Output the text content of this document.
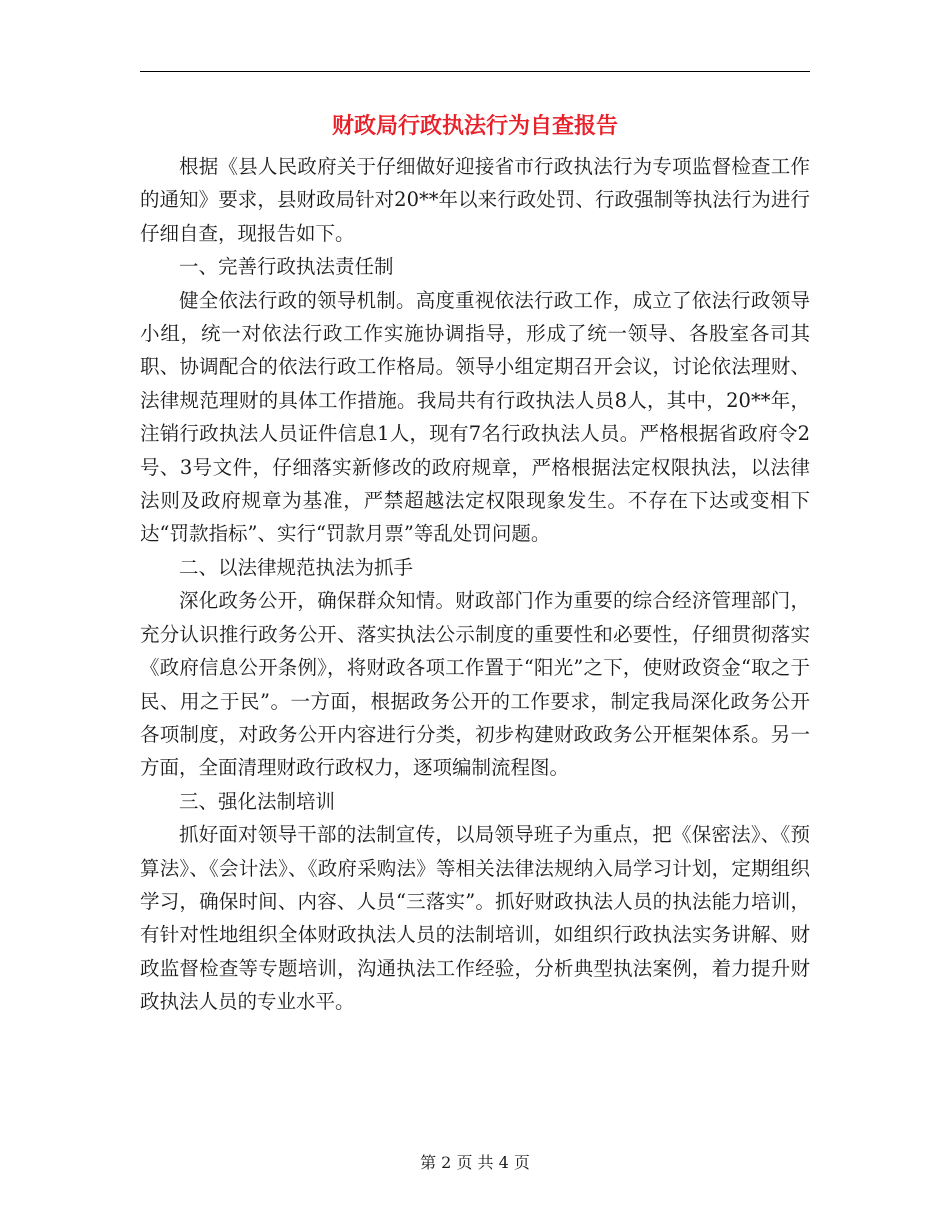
财政局行政执法行为自查报告

根据《县人民政府关于仔细做好迎接省市行政执法行为专项监督检查工作的通知》要求，县财政局针对20**年以来行政处罚、行政强制等执法行为进行仔细自查，现报告如下。

一、完善行政执法责任制

健全依法行政的领导机制。高度重视依法行政工作，成立了依法行政领导小组，统一对依法行政工作实施协调指导，形成了统一领导、各股室各司其职、协调配合的依法行政工作格局。领导小组定期召开会议，讨论依法理财、法律规范理财的具体工作措施。我局共有行政执法人员8人，其中，20**年，注销行政执法人员证件信息1人，现有7名行政执法人员。严格根据省政府令2号、3号文件，仔细落实新修改的政府规章，严格根据法定权限执法，以法律法则及政府规章为基准，严禁超越法定权限现象发生。不存在下达或变相下达“罚款指标”、实行“罚款月票”等乱处罚问题。

二、以法律规范执法为抓手

深化政务公开，确保群众知情。财政部门作为重要的综合经济管理部门，充分认识推行政务公开、落实执法公示制度的重要性和必要性，仔细贯彻落实《政府信息公开条例》，将财政各项工作置于“阳光”之下，使财政资金“取之于民、用之于民”。一方面，根据政务公开的工作要求，制定我局深化政务公开各项制度，对政务公开内容进行分类，初步构建财政政务公开框架体系。另一方面，全面清理财政行政权力，逐项编制流程图。

三、强化法制培训

抓好面对领导干部的法制宣传，以局领导班子为重点，把《保密法》、《预算法》、《会计法》、《政府采购法》等相关法律法规纳入局学习计划，定期组织学习，确保时间、内容、人员“三落实”。抓好财政执法人员的执法能力培训，有针对性地组织全体财政执法人员的法制培训，如组织行政执法实务讲解、财政监督检查等专题培训，沟通执法工作经验，分析典型执法案例，着力提升财政执法人员的专业水平。

第 2 页 共 4 页
